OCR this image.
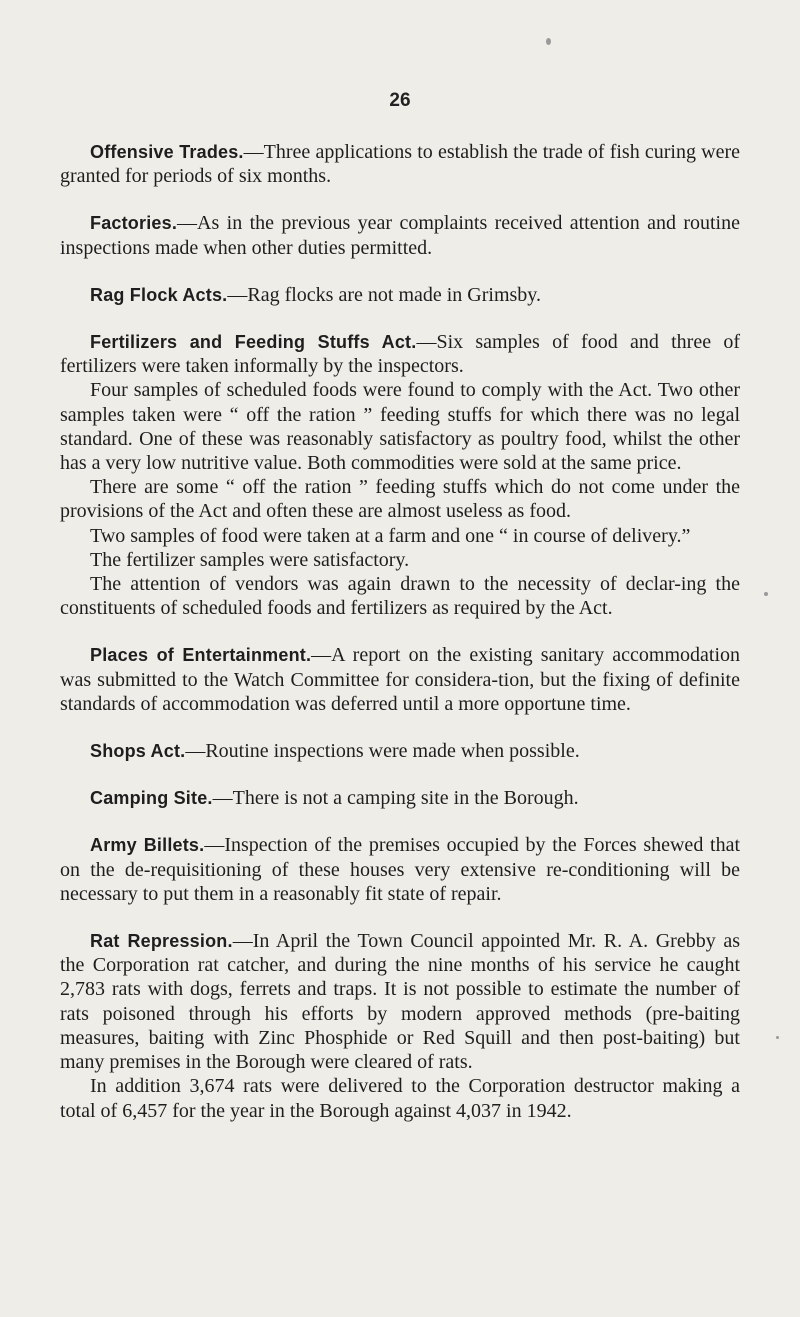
26

Offensive Trades.—Three applications to establish the trade of fish curing were granted for periods of six months.

Factories.—As in the previous year complaints received attention and routine inspections made when other duties permitted.

Rag Flock Acts.—Rag flocks are not made in Grimsby.

Fertilizers and Feeding Stuffs Act.—Six samples of food and three of fertilizers were taken informally by the inspectors.

Four samples of scheduled foods were found to comply with the Act. Two other samples taken were “ off the ration ” feeding stuffs for which there was no legal standard. One of these was reasonably satisfactory as poultry food, whilst the other has a very low nutritive value. Both commodities were sold at the same price.

There are some “ off the ration ” feeding stuffs which do not come under the provisions of the Act and often these are almost useless as food.

Two samples of food were taken at a farm and one “ in course of delivery.”

The fertilizer samples were satisfactory.

The attention of vendors was again drawn to the necessity of declar-ing the constituents of scheduled foods and fertilizers as required by the Act.

Places of Entertainment.—A report on the existing sanitary accommodation was submitted to the Watch Committee for considera-tion, but the fixing of definite standards of accommodation was deferred until a more opportune time.

Shops Act.—Routine inspections were made when possible.

Camping Site.—There is not a camping site in the Borough.

Army Billets.—Inspection of the premises occupied by the Forces shewed that on the de-requisitioning of these houses very extensive re-conditioning will be necessary to put them in a reasonably fit state of repair.

Rat Repression.—In April the Town Council appointed Mr. R. A. Grebby as the Corporation rat catcher, and during the nine months of his service he caught 2,783 rats with dogs, ferrets and traps. It is not possible to estimate the number of rats poisoned through his efforts by modern approved methods (pre-baiting measures, baiting with Zinc Phosphide or Red Squill and then post-baiting) but many premises in the Borough were cleared of rats.

In addition 3,674 rats were delivered to the Corporation destructor making a total of 6,457 for the year in the Borough against 4,037 in 1942.
